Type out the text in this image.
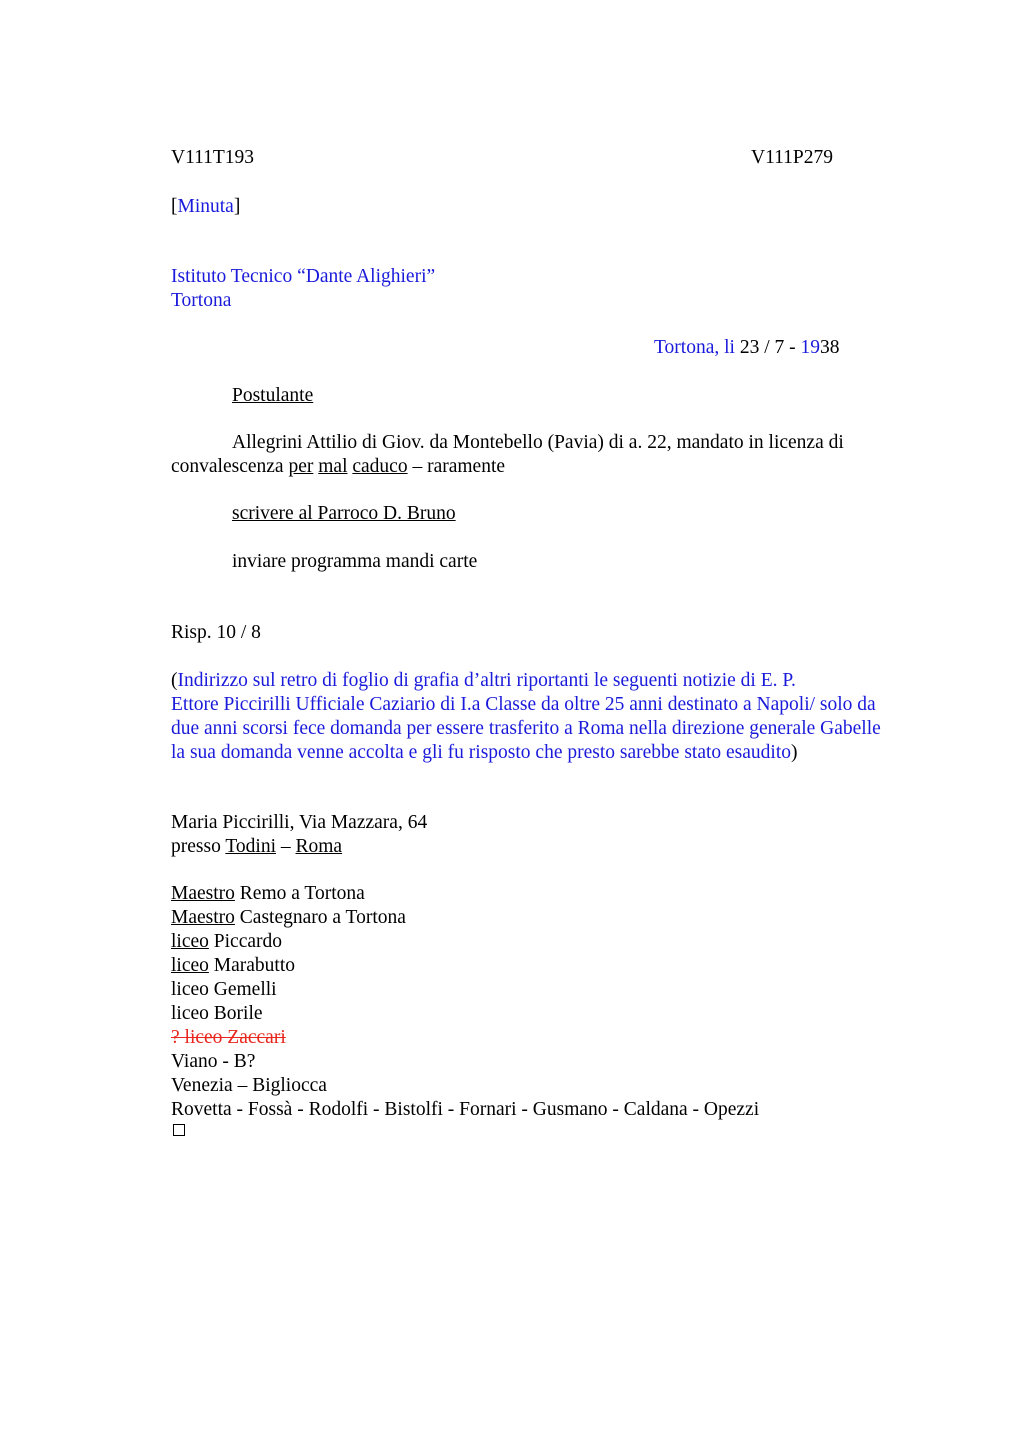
V111T193	V111P279
[Minuta]
Istituto Tecnico “Dante Alighieri”
Tortona
Tortona, li 23 / 7 - 1938
Postulante
Allegrini Attilio di Giov. da Montebello (Pavia) di a. 22, mandato in licenza di
convalescenza per mal caduco – raramente
scrivere al Parroco D. Bruno
inviare programma mandi carte
Risp. 10 / 8
(Indirizzo sul retro di foglio di grafia d’altri riportanti le seguenti notizie di E. P.
Ettore Piccirilli Ufficiale Caziario di I.a Classe da oltre 25 anni destinato a Napoli/ solo da
due anni scorsi fece domanda per essere trasferito a Roma nella direzione generale Gabelle
la sua domanda venne accolta e gli fu risposto che presto sarebbe stato esaudito)
Maria Piccirilli, Via Mazzara, 64
presso Todini – Roma
Maestro Remo a Tortona
Maestro Castegnaro a Tortona
liceo Piccardo
liceo Marabutto
liceo Gemelli
liceo Borile
? liceo Zaccari
Viano - B?
Venezia – Bigliocca
Rovetta - Fossà - Rodolfi - Bistolfi - Fornari - Gusmano - Caldana - Opezzi
